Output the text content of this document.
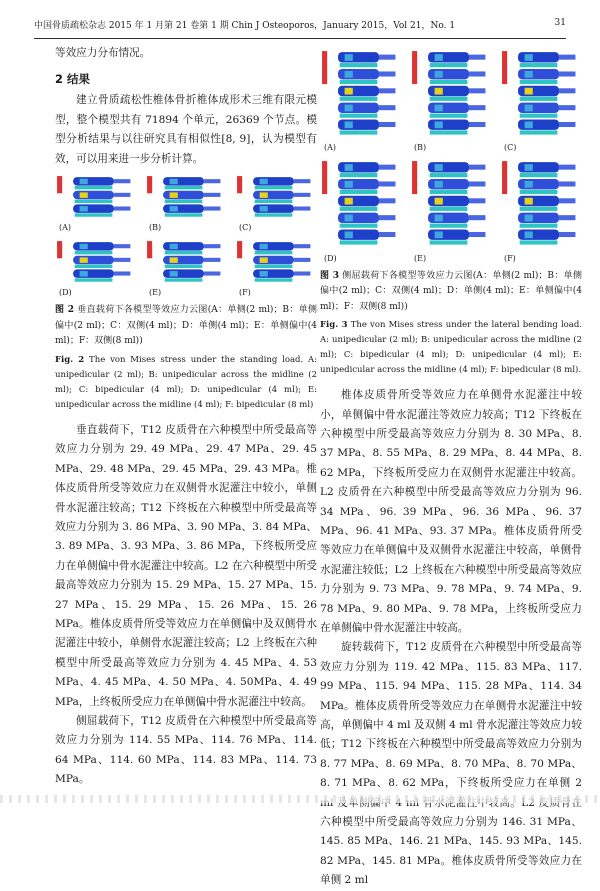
中国骨质疏松杂志 2015 年 1 月第 21 卷第 1 期 Chin J Osteoporos，January 2015，Vol 21，No. 1	31

等效应力分布情况。

2 结果

建立骨质疏松性椎体骨折椎体成形术三维有限元模型，整个模型共有 71894 个单元，26369 个节点。模型分析结果与以往研究具有相似性[8, 9]，认为模型有效，可以用来进一步分析计算。

(A)	(B)	(C)
(D)	(E)	(F)
图 2 垂直载荷下各模型等效应力云图(A：单侧(2 ml)；B：单侧偏中(2 ml)；C：双侧(4 ml)；D：单侧(4 ml)；E：单侧偏中(4 ml)；F：双侧(8 ml))
Fig. 2 The von Mises stress under the standing load. A: unipedicular (2 ml); B: unipedicular across the midline (2 ml); C: bipedicular (4 ml); D: unipedicular (4 ml); E: unipedicular across the midline (4 ml); F: bipedicular (8 ml)

垂直载荷下，T12 皮质骨在六种模型中所受最高等效应力分别为 29. 49 MPa、29. 47 MPa、29. 45 MPa、29. 48 MPa、29. 45 MPa、29. 43 MPa。椎体皮质骨所受等效应力在双侧骨水泥灌注中较小，单侧骨水泥灌注较高；T12 下终板在六种模型中所受最高等效应力分别为 3. 86 MPa、3. 90 MPa、3. 84 MPa、3. 89 MPa、3. 93 MPa、3. 86 MPa，下终板所受应力在单侧偏中骨水泥灌注中较高。L2 在六种模型中所受最高等效应力分别为 15. 29 MPa、15. 27 MPa、15. 27 MPa、15. 29 MPa、15. 26 MPa、15. 26 MPa。椎体皮质骨所受等效应力在单侧偏中及双侧骨水泥灌注中较小，单侧骨水泥灌注较高；L2 上终板在六种模型中所受最高等效应力分别为 4. 45 MPa、4. 53 MPa、4. 45 MPa、4. 50 MPa、4. 50MPa、4. 49 MPa，上终板所受应力在单侧偏中骨水泥灌注中较高。

侧屈载荷下，T12 皮质骨在六种模型中所受最高等效应力分别为 114. 55 MPa、114. 76 MPa、114. 64 MPa、114. 60 MPa、114. 83 MPa、114. 73 MPa。

(A)	(B)	(C)
(D)	(E)	(F)
图 3 侧屈载荷下各模型等效应力云图(A：单侧(2 ml)；B：单侧偏中(2 ml)；C：双侧(4 ml)；D：单侧(4 ml)；E：单侧偏中(4 ml)；F：双侧(8 ml))
Fig. 3 The von Mises stress under the lateral bending load. A: unipedicular (2 ml); B: unipedicular across the midline (2 ml); C: bipedicular (4 ml); D: unipedicular (4 ml); E: unipedicular across the midline (4 ml); F: bipedicular (8 ml).

椎体皮质骨所受等效应力在单侧骨水泥灌注中较小，单侧偏中骨水泥灌注等效应力较高；T12 下终板在六种模型中所受最高等效应力分别为 8. 30 MPa、8. 37 MPa、8. 55 MPa、8. 29 MPa、8. 44 MPa、8. 62 MPa，下终板所受应力在双侧骨水泥灌注中较高。L2 皮质骨在六种模型中所受最高等效应力分别为 96. 34 MPa、96. 39 MPa、96. 36 MPa、96. 37 MPa、96. 41 MPa、93. 37 MPa。椎体皮质骨所受等效应力在单侧偏中及双侧骨水泥灌注中较高，单侧骨水泥灌注较低；L2 上终板在六种模型中所受最高等效应力分别为 9. 73 MPa、9. 78 MPa、9. 74 MPa、9. 78 MPa、9. 80 MPa、9. 78 MPa，上终板所受应力在单侧偏中骨水泥灌注中较高。

旋转载荷下，T12 皮质骨在六种模型中所受最高等效应力分别为 119. 42 MPa、115. 83 MPa、117. 99 MPa、115. 94 MPa、115. 28 MPa、114. 34 MPa。椎体皮质骨所受等效应力在单侧骨水泥灌注中较高，单侧偏中 4 ml 及双侧 4 ml 骨水泥灌注等效应力较低；T12 下终板在六种模型中所受最高等效应力分别为 8. 77 MPa、8. 69 MPa、8. 70 MPa、8. 70 MPa、8. 71 MPa、8. 62 MPa，下终板所受应力在单侧 2 六种模型中所受最高等效应力分别为 146. 31 MPa、145. 85 MPa、146. 21 MPa、145. 93 MPa、145. 82 MPa、145. 81 MPa。椎体皮质骨所受等效应力在单侧 2 ml
